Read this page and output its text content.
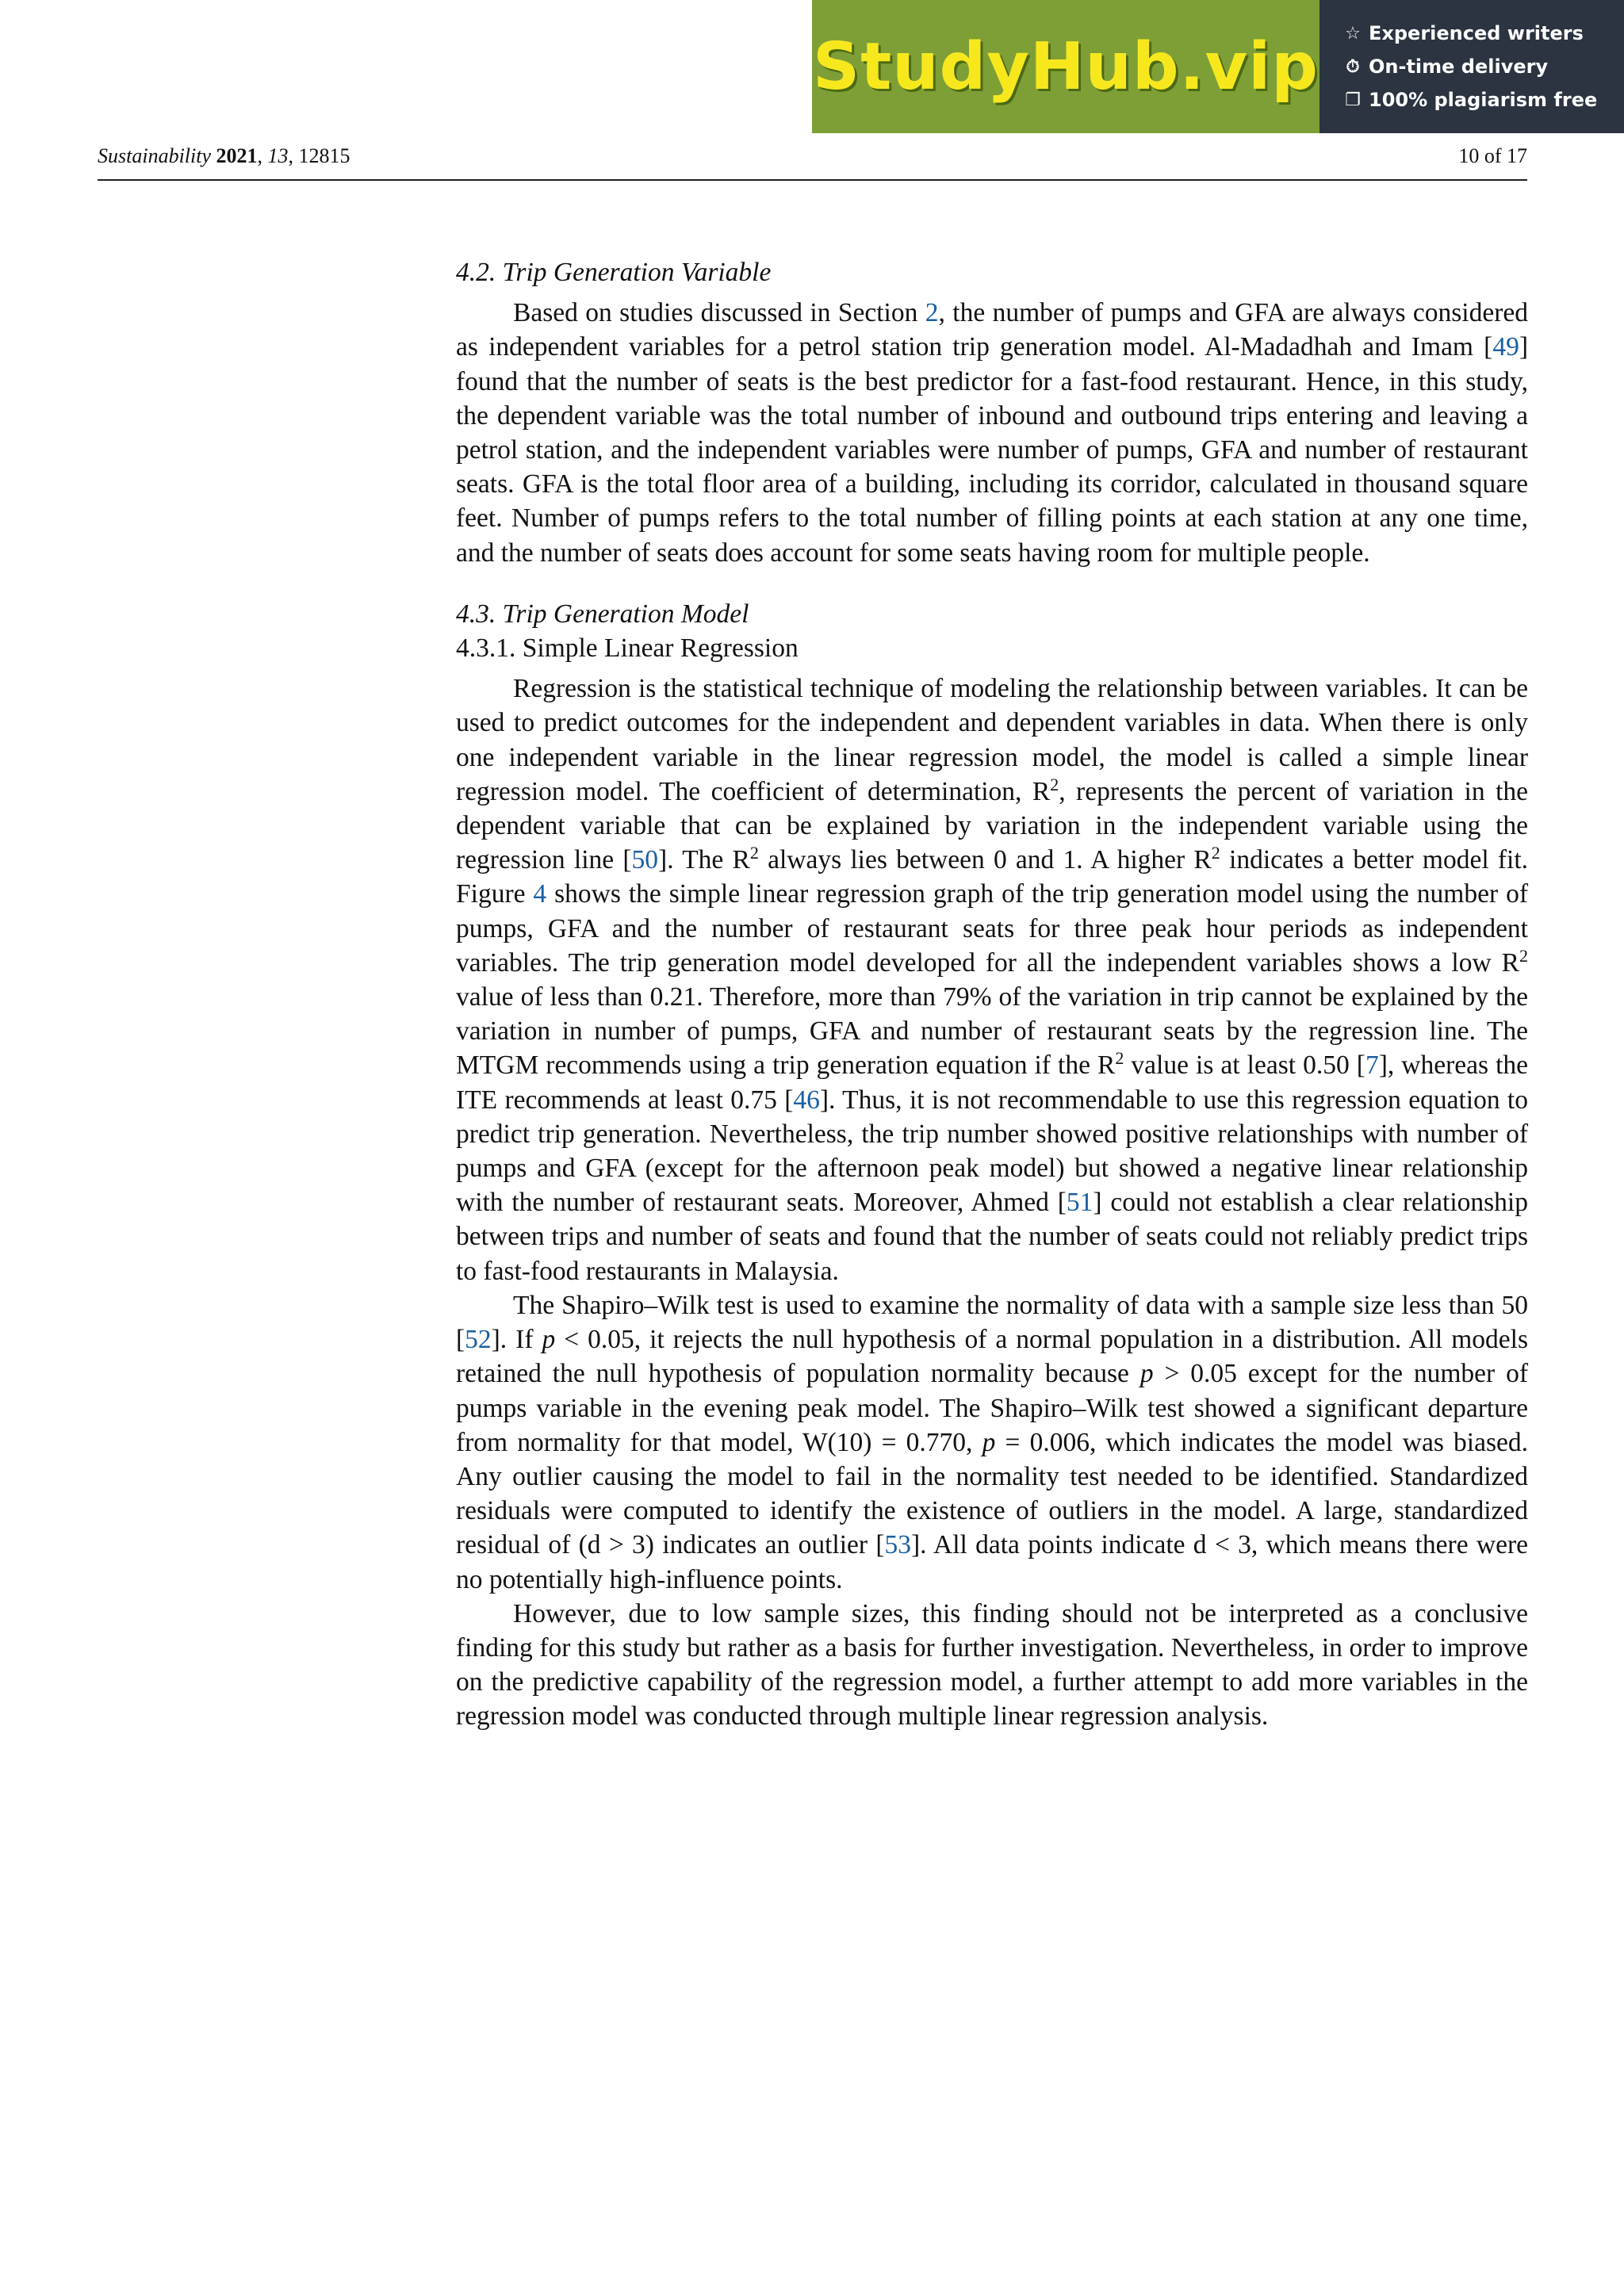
StudyHub.vip ☆ Experienced writers
⏱ On-time delivery
❐ 100% plagiarism free
Sustainability 2021, 13, 12815	10 of 17
4.2. Trip Generation Variable

Based on studies discussed in Section 2, the number of pumps and GFA are always considered as independent variables for a petrol station trip generation model. Al-Madadhah and Imam [49] found that the number of seats is the best predictor for a fast-food restaurant. Hence, in this study, the dependent variable was the total number of inbound and outbound trips entering and leaving a petrol station, and the independent variables were number of pumps, GFA and number of restaurant seats. GFA is the total floor area of a building, including its corridor, calculated in thousand square feet. Number of pumps refers to the total number of filling points at each station at any one time, and the number of seats does account for some seats having room for multiple people.

4.3. Trip Generation Model
4.3.1. Simple Linear Regression

Regression is the statistical technique of modeling the relationship between variables. It can be used to predict outcomes for the independent and dependent variables in data. When there is only one independent variable in the linear regression model, the model is called a simple linear regression model. The coefficient of determination, $R^2$, represents the percent of variation in the dependent variable that can be explained by variation in the independent variable using the regression line [50]. The $R^2$ always lies between 0 and 1. A higher $R^2$ indicates a better model fit. Figure 4 shows the simple linear regression graph of the trip generation model using the number of pumps, GFA and the number of restaurant seats for three peak hour periods as independent variables. The trip generation model developed for all the independent variables shows a low $R^2$ value of less than 0.21. Therefore, more than 79% of the variation in trip cannot be explained by the variation in number of pumps, GFA and number of restaurant seats by the regression line. The MTGM recommends using a trip generation equation if the $R^2$ value is at least 0.50 [7], whereas the ITE recommends at least 0.75 [46]. Thus, it is not recommendable to use this regression equation to predict trip generation. Nevertheless, the trip number showed positive relationships with number of pumps and GFA (except for the afternoon peak model) but showed a negative linear relationship with the number of restaurant seats. Moreover, Ahmed [51] could not establish a clear relationship between trips and number of seats and found that the number of seats could not reliably predict trips to fast-food restaurants in Malaysia.

The Shapiro–Wilk test is used to examine the normality of data with a sample size less than 50 [52]. If p < 0.05, it rejects the null hypothesis of a normal population in a distribution. All models retained the null hypothesis of population normality because p > 0.05 except for the number of pumps variable in the evening peak model. The Shapiro–Wilk test showed a significant departure from normality for that model, W(10) = 0.770, p = 0.006, which indicates the model was biased. Any outlier causing the model to fail in the normality test needed to be identified. Standardized residuals were computed to identify the existence of outliers in the model. A large, standardized residual of (d > 3) indicates an outlier [53]. All data points indicate d < 3, which means there were no potentially high-influence points.

However, due to low sample sizes, this finding should not be interpreted as a conclusive finding for this study but rather as a basis for further investigation. Nevertheless, in order to improve on the predictive capability of the regression model, a further attempt to add more variables in the regression model was conducted through multiple linear regression analysis.
